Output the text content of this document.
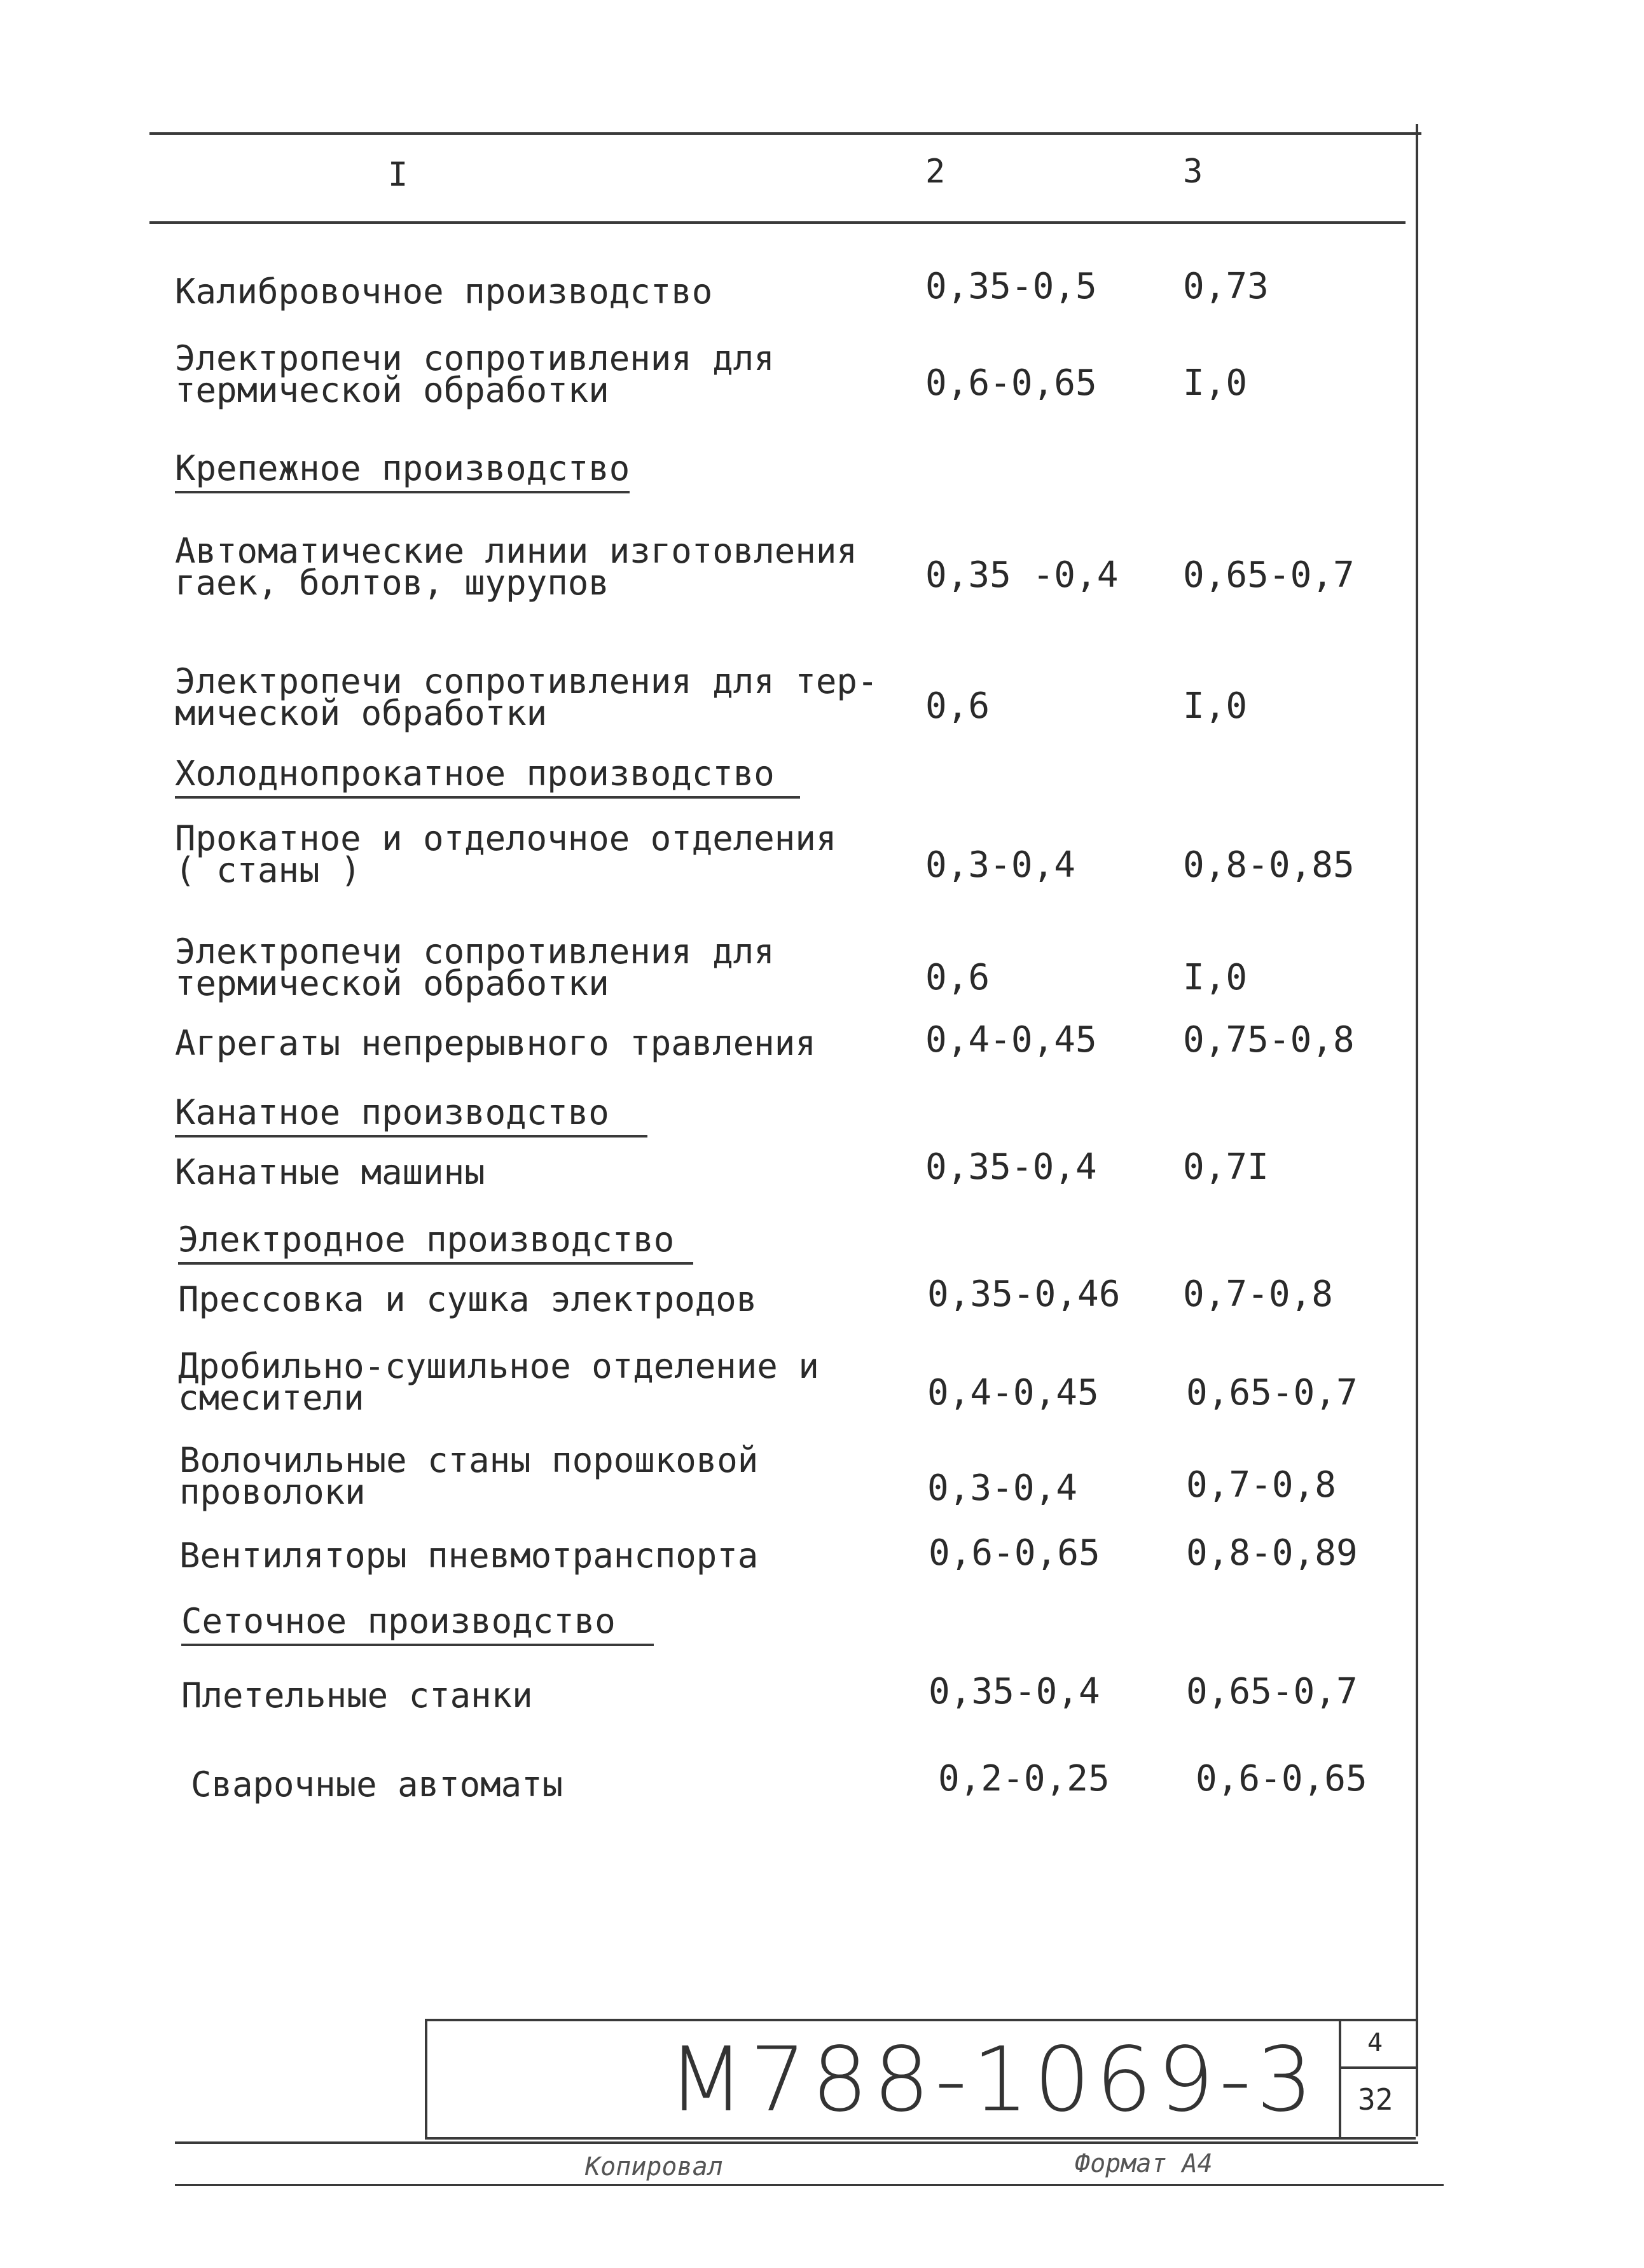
I	2	3
Калибровочное производство	0,35-0,5 0,73
Электропечи сопротивления для
термической обработки	0,6-0,65 I,0
Крепежное производство
Автоматические линии изготовления
гаек, болтов, шурупов	0,35 -0,4 0,65-0,7
Электропечи сопротивления для тер-
мической обработки	0,6	I,0
Холоднопрокатное производство
Прокатное и отделочное отделения
( станы )	0,3-0,4	0,8-0,85
Электропечи сопротивления для
термической обработки	0,6	I,0
Агрегаты непрерывного травления	0,4-0,45 0,75-0,8
Канатное производство
Канатные машины	0,35-0,4 0,7I
Электродное производство
Прессовка и сушка электродов	0,35-0,46 0,7-0,8
Дробильно-сушильное отделение и
смесители	0,4-0,45 0,65-0,7
Волочильные станы порошковой
проволоки	0,3-0,4	0,7-0,8
Вентиляторы пневмотранспорта	0,6-0,65 0,8-0,89
Сеточное производство
Плетельные станки	0,35-0,4 0,65-0,7
Сварочные автоматы	0,2-0,25 0,6-0,65
М788-1069-3 4
32
Копировал	Формат А4
